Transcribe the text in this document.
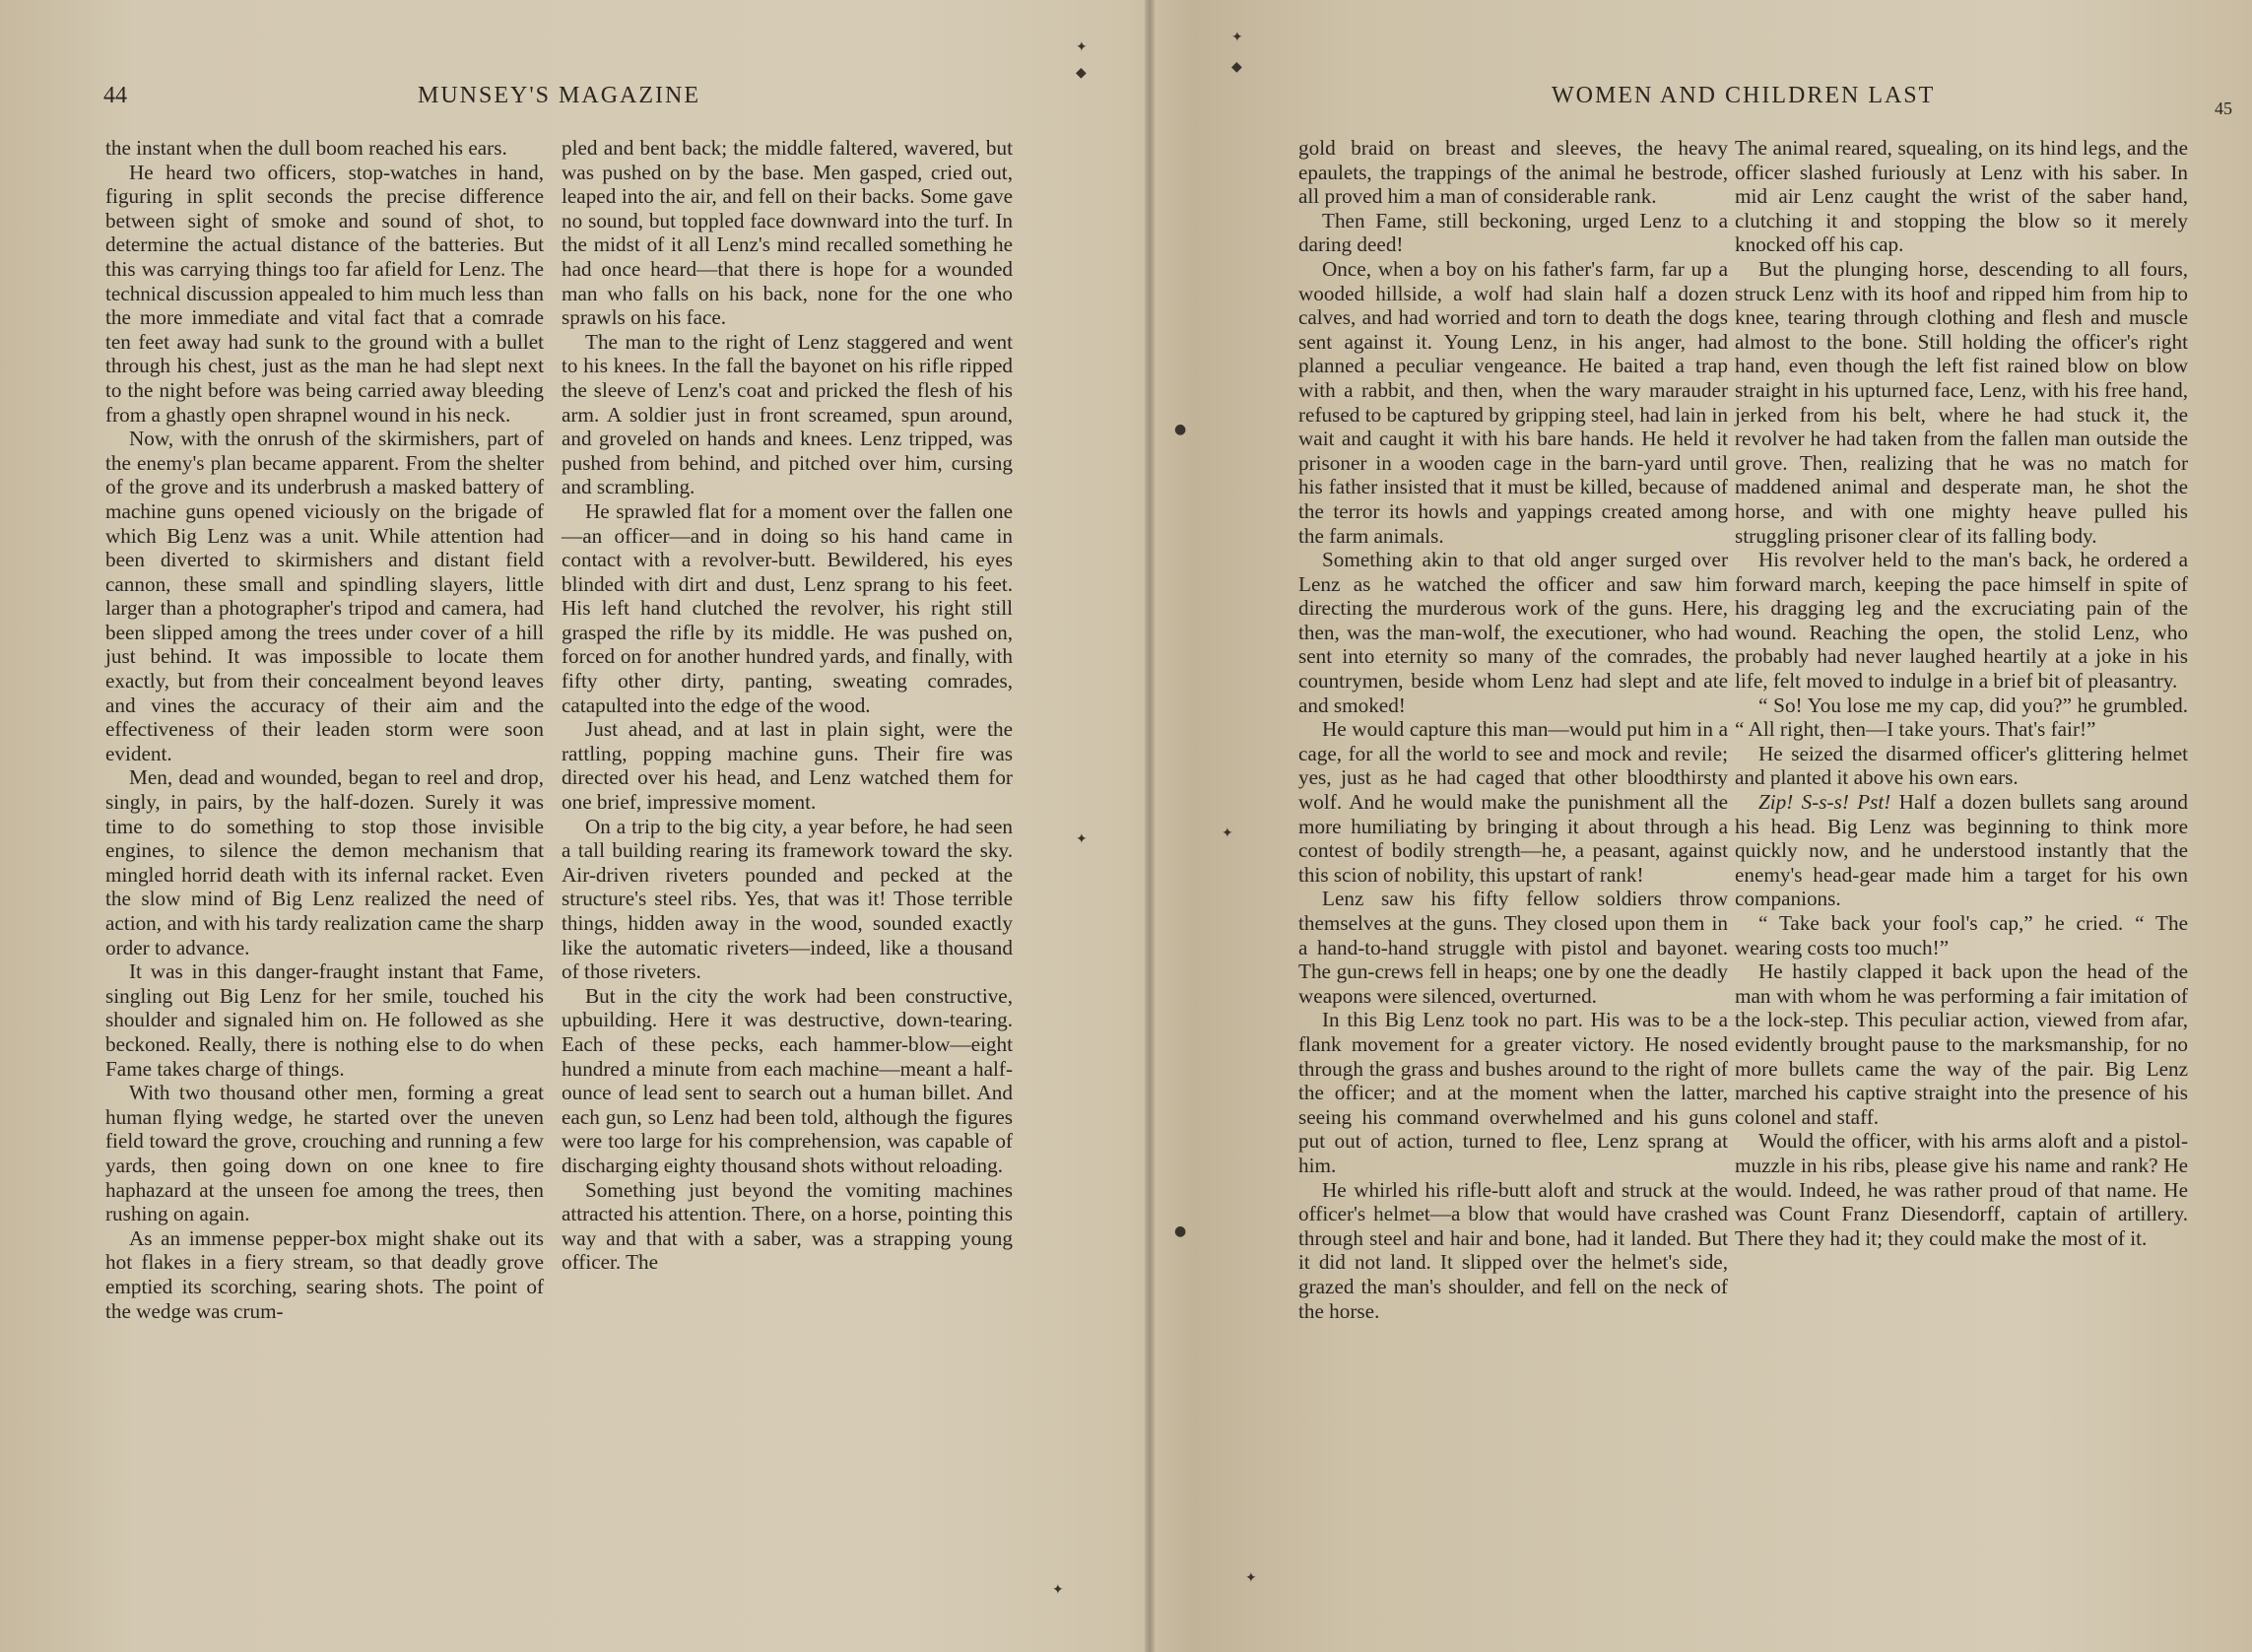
44	MUNSEY'S MAGAZINE

the instant when the dull boom reached his ears.

He heard two officers, stop-watches in hand, figuring in split seconds the precise difference between sight of smoke and sound of shot, to determine the actual distance of the batteries. But this was carrying things too far afield for Lenz. The technical discussion appealed to him much less than the more immediate and vital fact that a comrade ten feet away had sunk to the ground with a bullet through his chest, just as the man he had slept next to the night before was being carried away bleeding from a ghastly open shrapnel wound in his neck.

Now, with the onrush of the skirmishers, part of the enemy's plan became apparent. From the shelter of the grove and its underbrush a masked battery of machine guns opened viciously on the brigade of which Big Lenz was a unit. While attention had been diverted to skirmishers and distant field cannon, these small and spindling slayers, little larger than a photographer's tripod and camera, had been slipped among the trees under cover of a hill just behind. It was impossible to locate them exactly, but from their concealment beyond leaves and vines the accuracy of their aim and the effectiveness of their leaden storm were soon evident.

Men, dead and wounded, began to reel and drop, singly, in pairs, by the half-dozen. Surely it was time to do something to stop those invisible engines, to silence the demon mechanism that mingled horrid death with its infernal racket. Even the slow mind of Big Lenz realized the need of action, and with his tardy realization came the sharp order to advance.

It was in this danger-fraught instant that Fame, singling out Big Lenz for her smile, touched his shoulder and signaled him on. He followed as she beckoned. Really, there is nothing else to do when Fame takes charge of things.

With two thousand other men, forming a great human flying wedge, he started over the uneven field toward the grove, crouching and running a few yards, then going down on one knee to fire haphazard at the unseen foe among the trees, then rushing on again.

As an immense pepper-box might shake out its hot flakes in a fiery stream, so that deadly grove emptied its scorching, searing shots. The point of the wedge was crum-

pled and bent back; the middle faltered, wavered, but was pushed on by the base. Men gasped, cried out, leaped into the air, and fell on their backs. Some gave no sound, but toppled face downward into the turf. In the midst of it all Lenz's mind recalled something he had once heard—that there is hope for a wounded man who falls on his back, none for the one who sprawls on his face.

The man to the right of Lenz staggered and went to his knees. In the fall the bayonet on his rifle ripped the sleeve of Lenz's coat and pricked the flesh of his arm. A soldier just in front screamed, spun around, and groveled on hands and knees. Lenz tripped, was pushed from behind, and pitched over him, cursing and scrambling.

He sprawled flat for a moment over the fallen one—an officer—and in doing so his hand came in contact with a revolver-butt. Bewildered, his eyes blinded with dirt and dust, Lenz sprang to his feet. His left hand clutched the revolver, his right still grasped the rifle by its middle. He was pushed on, forced on for another hundred yards, and finally, with fifty other dirty, panting, sweating comrades, catapulted into the edge of the wood.

Just ahead, and at last in plain sight, were the rattling, popping machine guns. Their fire was directed over his head, and Lenz watched them for one brief, impressive moment.

On a trip to the big city, a year before, he had seen a tall building rearing its framework toward the sky. Air-driven riveters pounded and pecked at the structure's steel ribs. Yes, that was it! Those terrible things, hidden away in the wood, sounded exactly like the automatic riveters—indeed, like a thousand of those riveters.

But in the city the work had been constructive, upbuilding. Here it was destructive, down-tearing. Each of these pecks, each hammer-blow—eight hundred a minute from each machine—meant a half-ounce of lead sent to search out a human billet. And each gun, so Lenz had been told, although the figures were too large for his comprehension, was capable of discharging eighty thousand shots without reloading.

Something just beyond the vomiting machines attracted his attention. There, on a horse, pointing this way and that with a saber, was a strapping young officer. The

WOMEN AND CHILDREN LAST	45

gold braid on breast and sleeves, the heavy epaulets, the trappings of the animal he bestrode, all proved him a man of considerable rank.

Then Fame, still beckoning, urged Lenz to a daring deed!

Once, when a boy on his father's farm, far up a wooded hillside, a wolf had slain half a dozen calves, and had worried and torn to death the dogs sent against it. Young Lenz, in his anger, had planned a peculiar vengeance. He baited a trap with a rabbit, and then, when the wary marauder refused to be captured by gripping steel, had lain in wait and caught it with his bare hands. He held it prisoner in a wooden cage in the barn-yard until his father insisted that it must be killed, because of the terror its howls and yappings created among the farm animals.

Something akin to that old anger surged over Lenz as he watched the officer and saw him directing the murderous work of the guns. Here, then, was the man-wolf, the executioner, who had sent into eternity so many of the comrades, the countrymen, beside whom Lenz had slept and ate and smoked!

He would capture this man—would put him in a cage, for all the world to see and mock and revile; yes, just as he had caged that other bloodthirsty wolf. And he would make the punishment all the more humiliating by bringing it about through a contest of bodily strength—he, a peasant, against this scion of nobility, this upstart of rank!

Lenz saw his fifty fellow soldiers throw themselves at the guns. They closed upon them in a hand-to-hand struggle with pistol and bayonet. The gun-crews fell in heaps; one by one the deadly weapons were silenced, overturned.

In this Big Lenz took no part. His was to be a flank movement for a greater victory. He nosed through the grass and bushes around to the right of the officer; and at the moment when the latter, seeing his command overwhelmed and his guns put out of action, turned to flee, Lenz sprang at him.

He whirled his rifle-butt aloft and struck at the officer's helmet—a blow that would have crashed through steel and hair and bone, had it landed. But it did not land. It slipped over the helmet's side, grazed the man's shoulder, and fell on the neck of the horse.

The animal reared, squealing, on its hind legs, and the officer slashed furiously at Lenz with his saber. In mid air Lenz caught the wrist of the saber hand, clutching it and stopping the blow so it merely knocked off his cap.

But the plunging horse, descending to all fours, struck Lenz with its hoof and ripped him from hip to knee, tearing through clothing and flesh and muscle almost to the bone. Still holding the officer's right hand, even though the left fist rained blow on blow straight in his upturned face, Lenz, with his free hand, jerked from his belt, where he had stuck it, the revolver he had taken from the fallen man outside the grove. Then, realizing that he was no match for maddened animal and desperate man, he shot the horse, and with one mighty heave pulled his struggling prisoner clear of its falling body.

His revolver held to the man's back, he ordered a forward march, keeping the pace himself in spite of his dragging leg and the excruciating pain of the wound. Reaching the open, the stolid Lenz, who probably had never laughed heartily at a joke in his life, felt moved to indulge in a brief bit of pleasantry.

“ So! You lose me my cap, did you?” he grumbled. “ All right, then—I take yours. That's fair!”

He seized the disarmed officer's glittering helmet and planted it above his own ears.

Zip! S-s-s! Pst! Half a dozen bullets sang around his head. Big Lenz was beginning to think more quickly now, and he understood instantly that the enemy's head-gear made him a target for his own companions.

“ Take back your fool's cap,” he cried. “ The wearing costs too much!”

He hastily clapped it back upon the head of the man with whom he was performing a fair imitation of the lock-step. This peculiar action, viewed from afar, evidently brought pause to the marksmanship, for no more bullets came the way of the pair. Big Lenz marched his captive straight into the presence of his colonel and staff.

Would the officer, with his arms aloft and a pistol-muzzle in his ribs, please give his name and rank? He would. Indeed, he was rather proud of that name. He was Count Franz Diesendorff, captain of artillery. There they had it; they could make the most of it.

✦
◆
✦
◆
●
✦	✦
●
✦
✦
